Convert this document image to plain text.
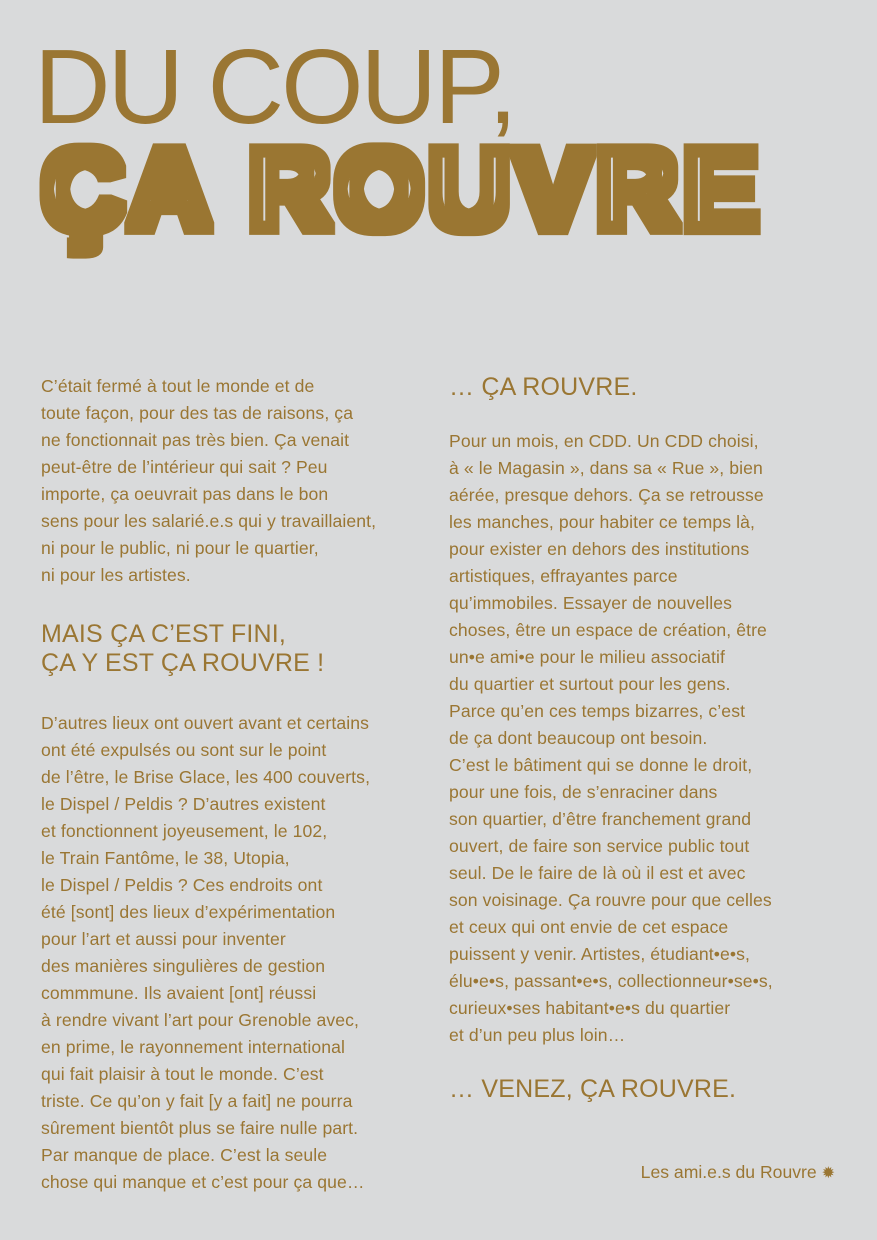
DU COUP,
ÇA ROUVRE

C’était fermé à tout le monde et de
toute façon, pour des tas de raisons, ça
ne fonctionnait pas très bien. Ça venait
peut-être de l’intérieur qui sait ? Peu
importe, ça oeuvrait pas dans le bon
sens pour les salarié.e.s qui y travaillaient,
ni pour le public, ni pour le quartier,
ni pour les artistes.

MAIS ÇA C’EST FINI,
ÇA Y EST ÇA ROUVRE !

D’autres lieux ont ouvert avant et certains
ont été expulsés ou sont sur le point
de l’être, le Brise Glace, les 400 couverts,
le Dispel / Peldis ? D’autres existent
et fonctionnent joyeusement, le 102,
le Train Fantôme, le 38, Utopia,
le Dispel / Peldis ? Ces endroits ont
été [sont] des lieux d’expérimentation
pour l’art et aussi pour inventer
des manières singulières de gestion
commmune. Ils avaient [ont] réussi
à rendre vivant l’art pour Grenoble avec,
en prime, le rayonnement international
qui fait plaisir à tout le monde. C’est
triste. Ce qu’on y fait [y a fait] ne pourra
sûrement bientôt plus se faire nulle part.
Par manque de place. C’est la seule
chose qui manque et c’est pour ça que…

… ÇA ROUVRE.

Pour un mois, en CDD. Un CDD choisi,
à « le Magasin », dans sa « Rue », bien
aérée, presque dehors. Ça se retrousse
les manches, pour habiter ce temps là,
pour exister en dehors des institutions
artistiques, effrayantes parce
qu’immobiles. Essayer de nouvelles
choses, être un espace de création, être
un•e ami•e pour le milieu associatif
du quartier et surtout pour les gens.
Parce qu’en ces temps bizarres, c’est
de ça dont beaucoup ont besoin.
C’est le bâtiment qui se donne le droit,
pour une fois, de s’enraciner dans
son quartier, d’être franchement grand
ouvert, de faire son service public tout
seul. De le faire de là où il est et avec
son voisinage. Ça rouvre pour que celles
et ceux qui ont envie de cet espace
puissent y venir. Artistes, étudiant•e•s,
élu•e•s, passant•e•s, collectionneur•se•s,
curieux•ses habitant•e•s du quartier
et d’un peu plus loin…

… VENEZ, ÇA ROUVRE.
Les ami.e.s du Rouvre ✹
